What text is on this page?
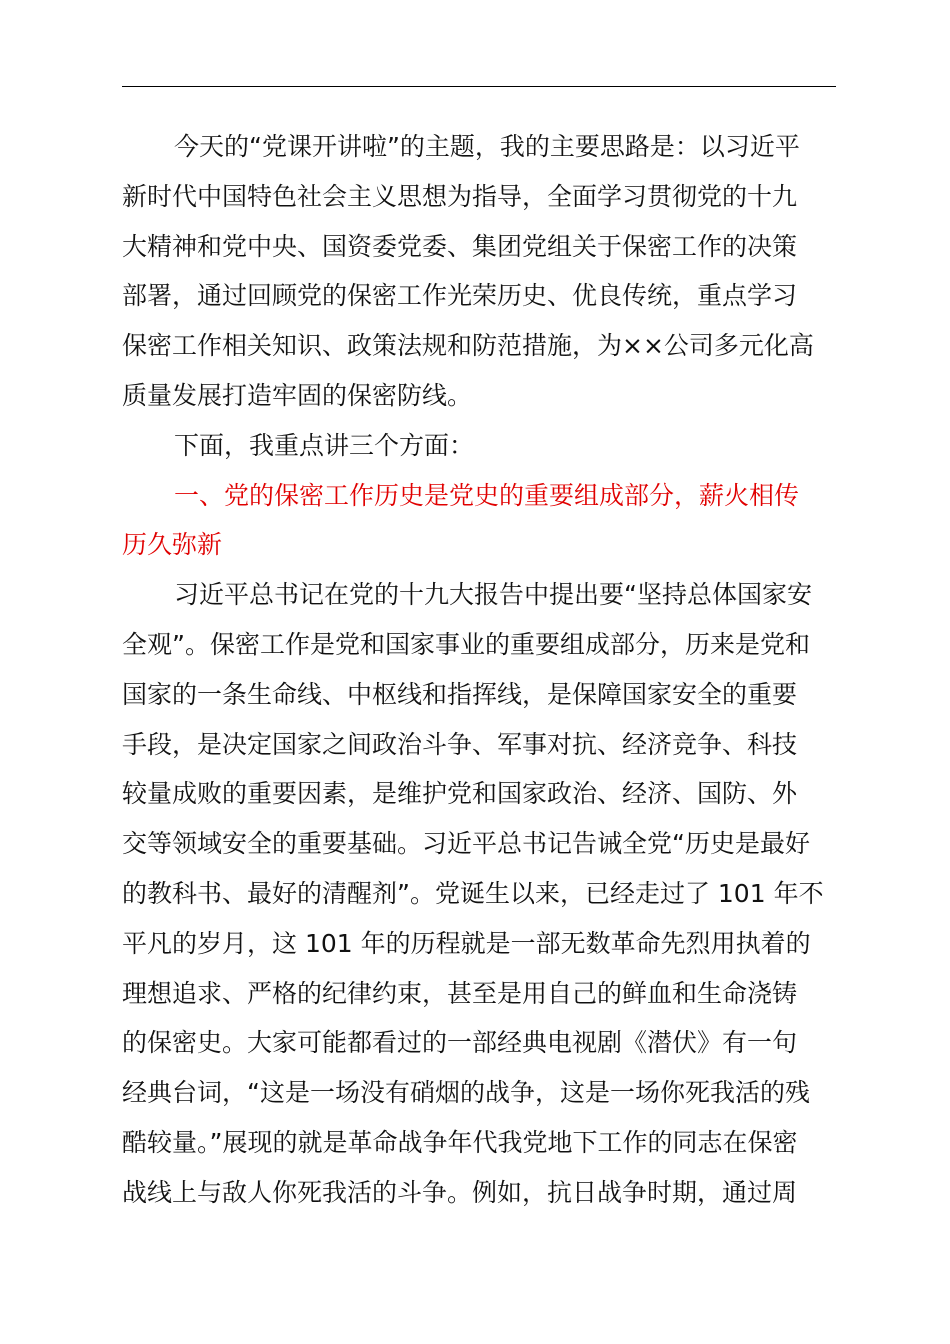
今天的“党课开讲啦”的主题，我的主要思路是：以习近平
新时代中国特色社会主义思想为指导，全面学习贯彻党的十九
大精神和党中央、国资委党委、集团党组关于保密工作的决策
部署，通过回顾党的保密工作光荣历史、优良传统，重点学习
保密工作相关知识、政策法规和防范措施，为××公司多元化高
质量发展打造牢固的保密防线。
下面，我重点讲三个方面：
一、党的保密工作历史是党史的重要组成部分，薪火相传
历久弥新
习近平总书记在党的十九大报告中提出要“坚持总体国家安
全观”。保密工作是党和国家事业的重要组成部分，历来是党和
国家的一条生命线、中枢线和指挥线，是保障国家安全的重要
手段，是决定国家之间政治斗争、军事对抗、经济竞争、科技
较量成败的重要因素，是维护党和国家政治、经济、国防、外
交等领域安全的重要基础。习近平总书记告诫全党“历史是最好
的教科书、最好的清醒剂”。党诞生以来，已经走过了 101 年不
平凡的岁月，这 101 年的历程就是一部无数革命先烈用执着的
理想追求、严格的纪律约束，甚至是用自己的鲜血和生命浇铸
的保密史。大家可能都看过的一部经典电视剧《潜伏》有一句
经典台词，“这是一场没有硝烟的战争，这是一场你死我活的残
酷较量。”展现的就是革命战争年代我党地下工作的同志在保密
战线上与敌人你死我活的斗争。例如，抗日战争时期，通过周
